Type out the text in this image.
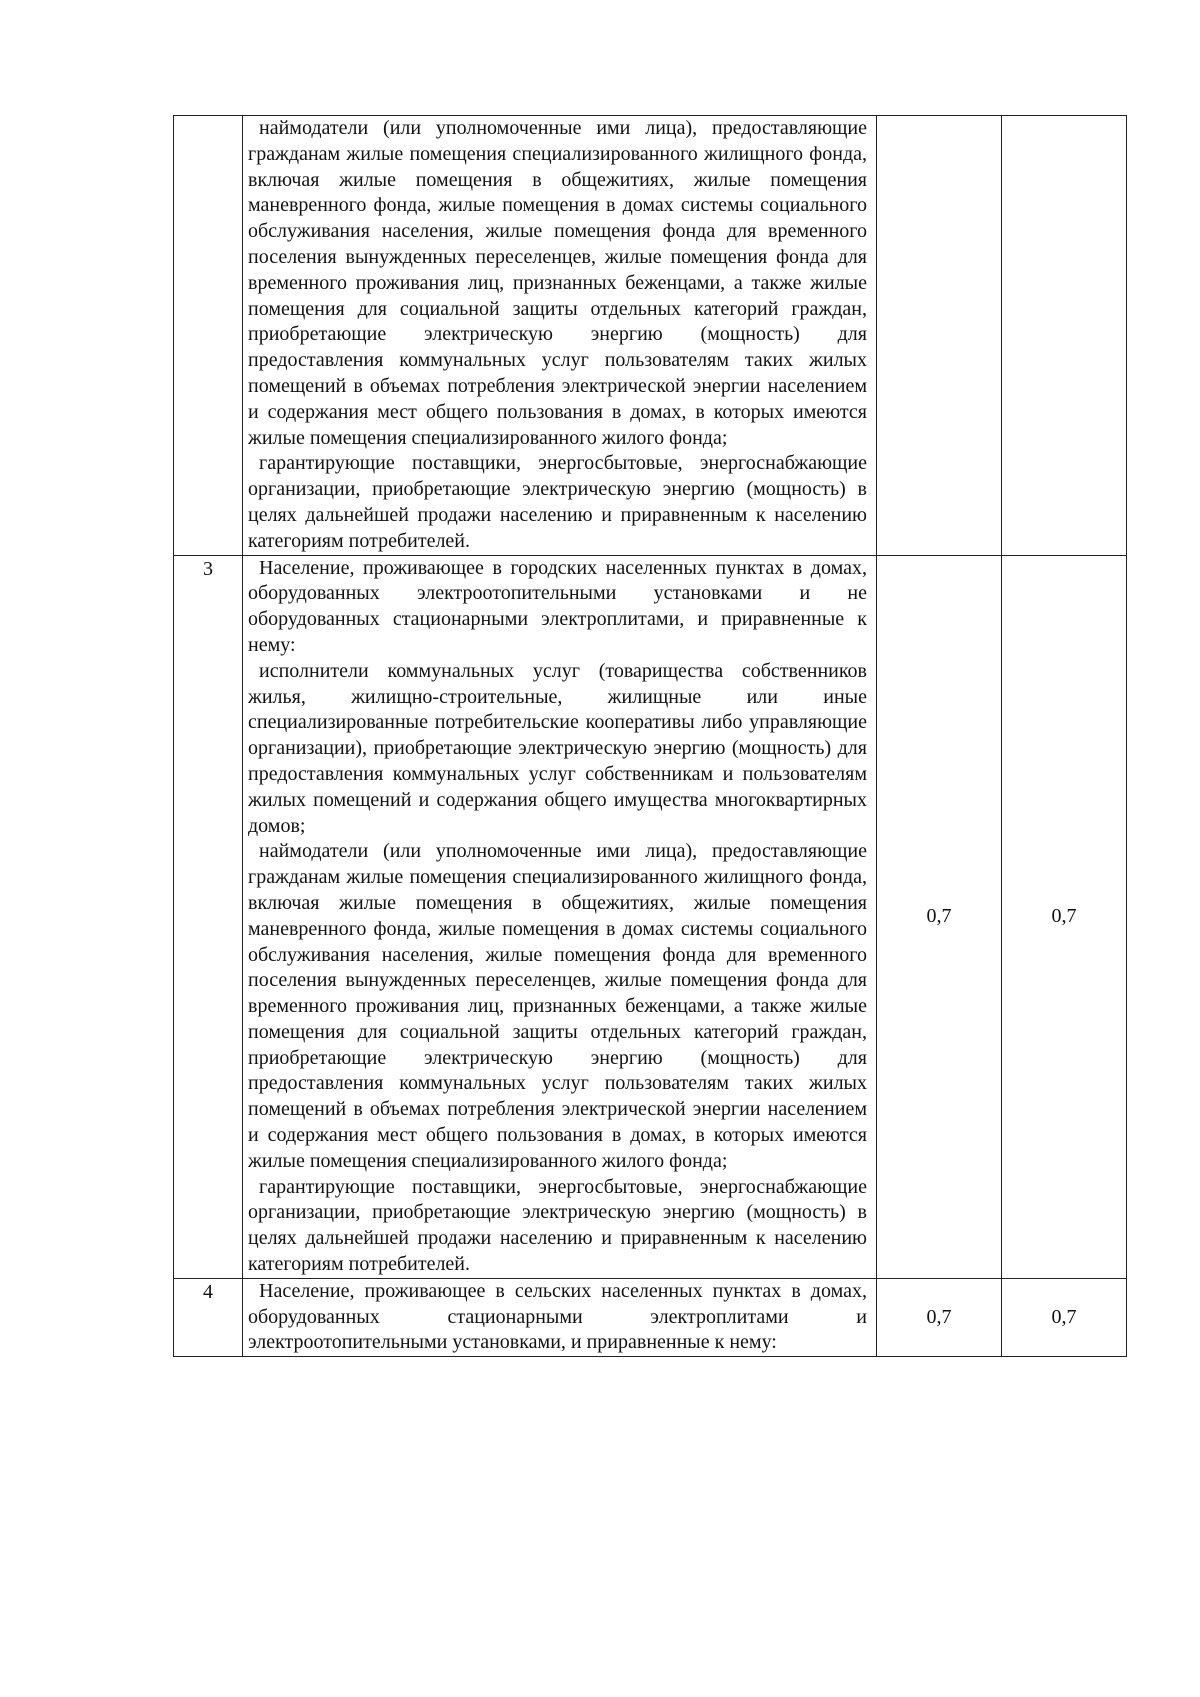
	наймодатели (или уполномоченные ими лица), предоставляющие гражданам жилые помещения специализированного жилищного фонда, включая жилые помещения в общежитиях, жилые помещения маневренного фонда, жилые помещения в домах системы социального обслуживания населения, жилые помещения фонда для временного поселения вынужденных переселенцев, жилые помещения фонда для временного проживания лиц, признанных беженцами, а также жилые помещения для социальной защиты отдельных категорий граждан, приобретающие электрическую энергию (мощность) для предоставления коммунальных услуг пользователям таких жилых помещений в объемах потребления электрической энергии населением и содержания мест общего пользования в домах, в которых имеются жилые помещения специализированного жилого фонда;

гарантирующие поставщики, энергосбытовые, энергоснабжающие организации, приобретающие электрическую энергию (мощность) в целях дальнейшей продажи населению и приравненным к населению категориям потребителей.		

3	Население, проживающее в городских населенных пунктах в домах, оборудованных электроотопительными установками и не оборудованных стационарными электроплитами, и приравненные к нему:

исполнители коммунальных услуг (товарищества собственников жилья, жилищно-строительные, жилищные или иные специализированные потребительские кооперативы либо управляющие организации), приобретающие электрическую энергию (мощность) для предоставления коммунальных услуг собственникам и пользователям жилых помещений и содержания общего имущества многоквартирных домов;

наймодатели (или уполномоченные ими лица), предоставляющие гражданам жилые помещения специализированного жилищного фонда, включая жилые помещения в общежитиях, жилые помещения маневренного фонда, жилые помещения в домах системы социального обслуживания населения, жилые помещения фонда для временного поселения вынужденных переселенцев, жилые помещения фонда для временного проживания лиц, признанных беженцами, а также жилые помещения для социальной защиты отдельных категорий граждан, приобретающие электрическую энергию (мощность) для предоставления коммунальных услуг пользователям таких жилых помещений в объемах потребления электрической энергии населением и содержания мест общего пользования в домах, в которых имеются жилые помещения специализированного жилого фонда;

гарантирующие поставщики, энергосбытовые, энергоснабжающие организации, приобретающие электрическую энергию (мощность) в целях дальнейшей продажи населению и приравненным к населению категориям потребителей.	0,7	0,7
4	Население, проживающее в сельских населенных пунктах в домах, оборудованных стационарными электроплитами и электроотопительными установками, и приравненные к нему:	0,7	0,7
